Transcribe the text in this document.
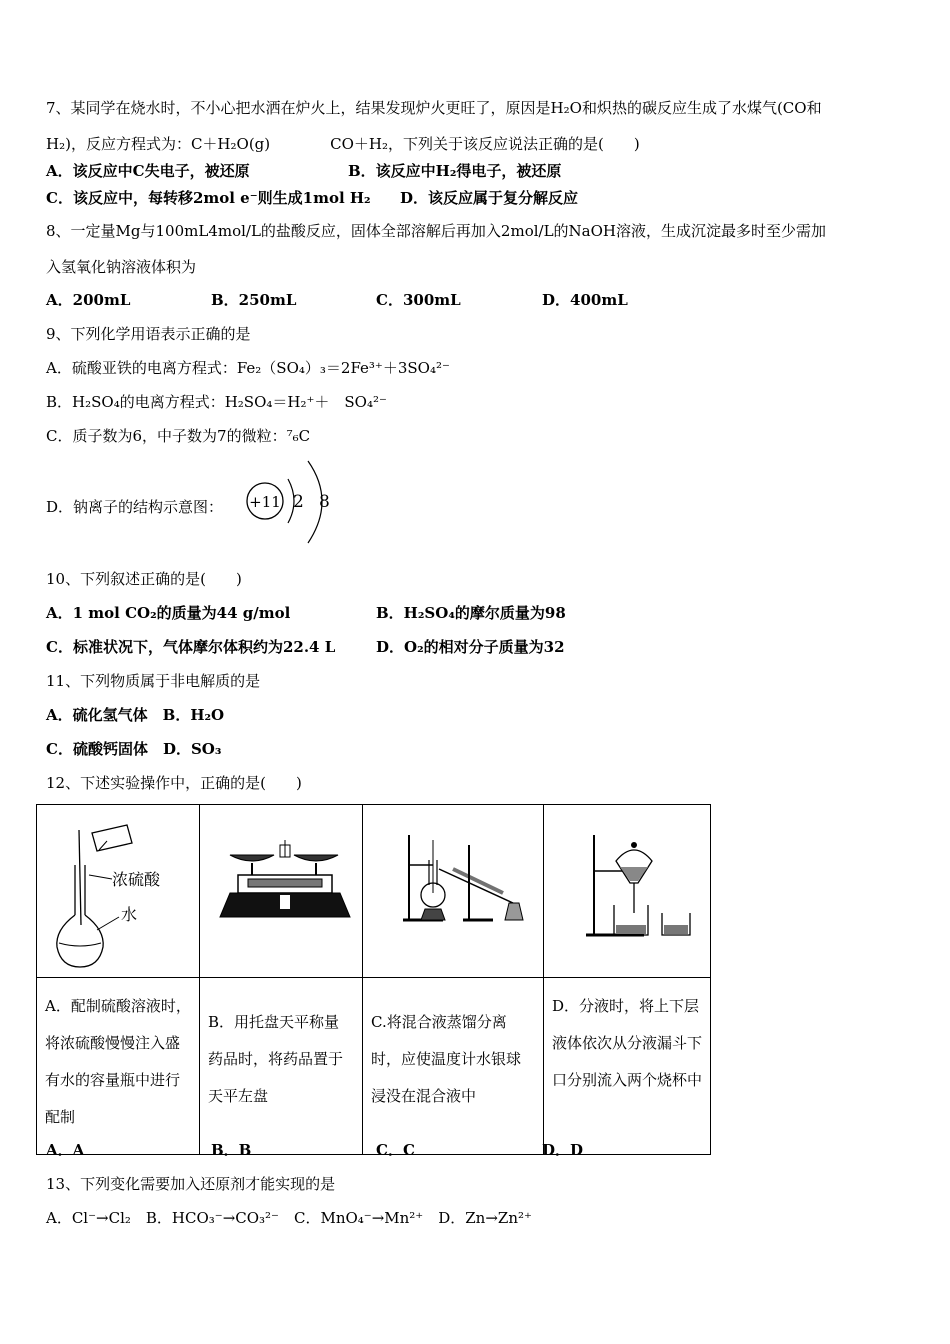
7、某同学在烧水时，不小心把水洒在炉火上，结果发现炉火更旺了，原因是H₂O和炽热的碳反应生成了水煤气(CO和
H₂)，反应方程式为：C＋H₂O(g)　　　　CO＋H₂，下列关于该反应说法正确的是(　　)
A．该反应中C失电子，被还原	B．该反应中H₂得电子，被还原
C．该反应中，每转移2mol e⁻则生成1mol H₂ D．该反应属于复分解反应
8、一定量Mg与100mL4mol/L的盐酸反应，固体全部溶解后再加入2mol/L的NaOH溶液，生成沉淀最多时至少需加
入氢氧化钠溶液体积为
A．200mL	B．250mL	C．300mL	D．400mL
9、下列化学用语表示正确的是
A．硫酸亚铁的电离方程式：Fe₂（SO₄）₃＝2Fe³⁺＋3SO₄²⁻
B．H₂SO₄的电离方程式：H₂SO₄＝H₂⁺＋　SO₄²⁻
C．质子数为6，中子数为7的微粒：⁷₆C
D．钠离子的结构示意图： +11 2 8
10、下列叙述正确的是(　　)
A．1 mol CO₂的质量为44 g/mol	B．H₂SO₄的摩尔质量为98
C．标准状况下，气体摩尔体积约为22.4 L	D．O₂的相对分子质量为32
11、下列物质属于非电解质的是
A．硫化氢气体　B．H₂O
C．硫酸钙固体　D．SO₃
12、下述实验操作中，正确的是(　　)
浓硫酸
水

A．配制硫酸溶液时，将浓硫酸慢慢注入盛有水的容量瓶中进行配制	B．用托盘天平称量药品时，将药品置于天平左盘	C.将混合液蒸馏分离时，应使温度计水银球浸没在混合液中	D．分液时，将上下层液体依次从分液漏斗下口分别流入两个烧杯中
A．A	B．B	C．C	D．D
13、下列变化需要加入还原剂才能实现的是
A．Cl⁻→Cl₂　B．HCO₃⁻→CO₃²⁻　C．MnO₄⁻→Mn²⁺　D．Zn→Zn²⁺
